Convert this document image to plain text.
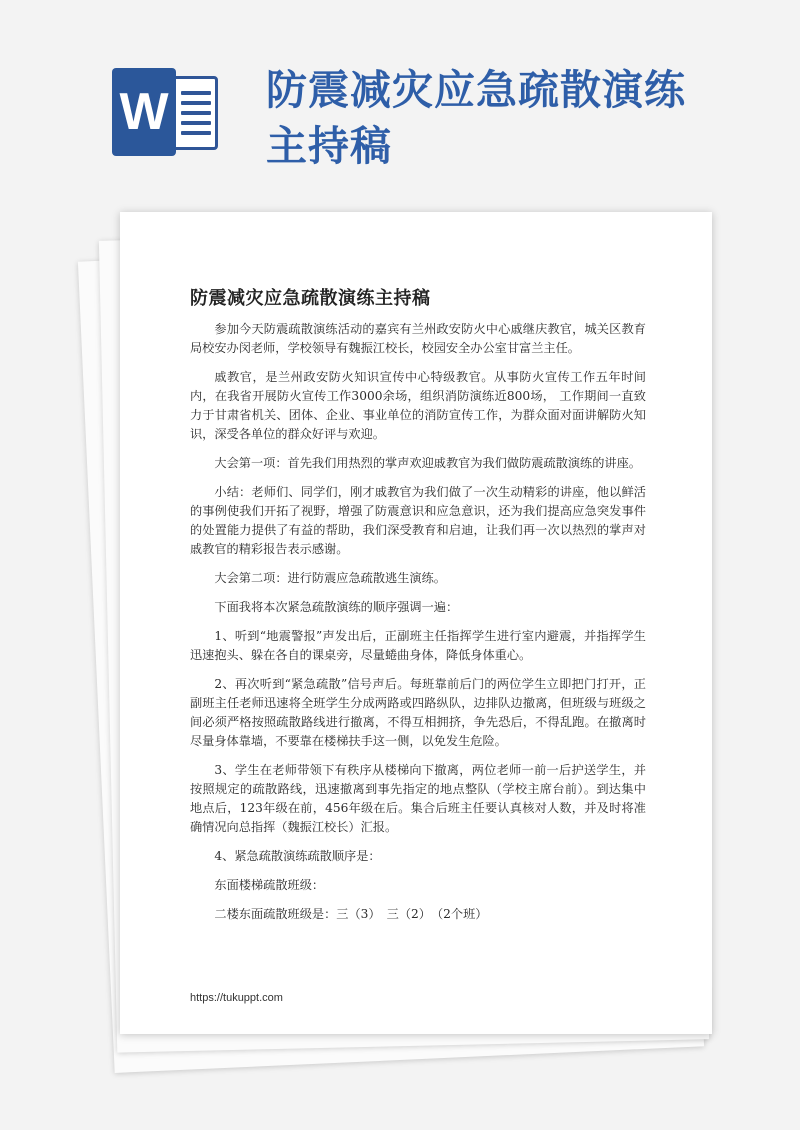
W 防震减灾应急疏散演练主持稿
防震减灾应急疏散演练主持稿

参加今天防震疏散演练活动的嘉宾有兰州政安防火中心戚继庆教官，城关区教育局校安办闵老师，学校领导有魏振江校长，校园安全办公室甘富兰主任。

戚教官，是兰州政安防火知识宣传中心特级教官。从事防火宣传工作五年时间内，在我省开展防火宣传工作3000余场，组织消防演练近800场， 工作期间一直致力于甘肃省机关、团体、企业、事业单位的消防宣传工作，为群众面对面讲解防火知识，深受各单位的群众好评与欢迎。

大会第一项：首先我们用热烈的掌声欢迎戚教官为我们做防震疏散演练的讲座。

小结：老师们、同学们，刚才戚教官为我们做了一次生动精彩的讲座，他以鲜活的事例使我们开拓了视野，增强了防震意识和应急意识，还为我们提高应急突发事件的处置能力提供了有益的帮助，我们深受教育和启迪，让我们再一次以热烈的掌声对戚教官的精彩报告表示感谢。

大会第二项：进行防震应急疏散逃生演练。

下面我将本次紧急疏散演练的顺序强调一遍：

1、听到“地震警报”声发出后，正副班主任指挥学生进行室内避震，并指挥学生迅速抱头、躲在各自的课桌旁，尽量蜷曲身体，降低身体重心。

2、再次听到“紧急疏散”信号声后。每班靠前后门的两位学生立即把门打开，正副班主任老师迅速将全班学生分成两路或四路纵队，边排队边撤离，但班级与班级之间必须严格按照疏散路线进行撤离，不得互相拥挤，争先恐后，不得乱跑。在撤离时尽量身体靠墙，不要靠在楼梯扶手这一侧，以免发生危险。

3、学生在老师带领下有秩序从楼梯向下撤离，两位老师一前一后护送学生，并按照规定的疏散路线，迅速撤离到事先指定的地点整队（学校主席台前）。到达集中地点后，123年级在前，456年级在后。集合后班主任要认真核对人数，并及时将准确情况向总指挥（魏振江校长）汇报。

4、紧急疏散演练疏散顺序是：

东面楼梯疏散班级：

二楼东面疏散班级是：三（3）　三（2）　（2个班）

https://tukuppt.com
